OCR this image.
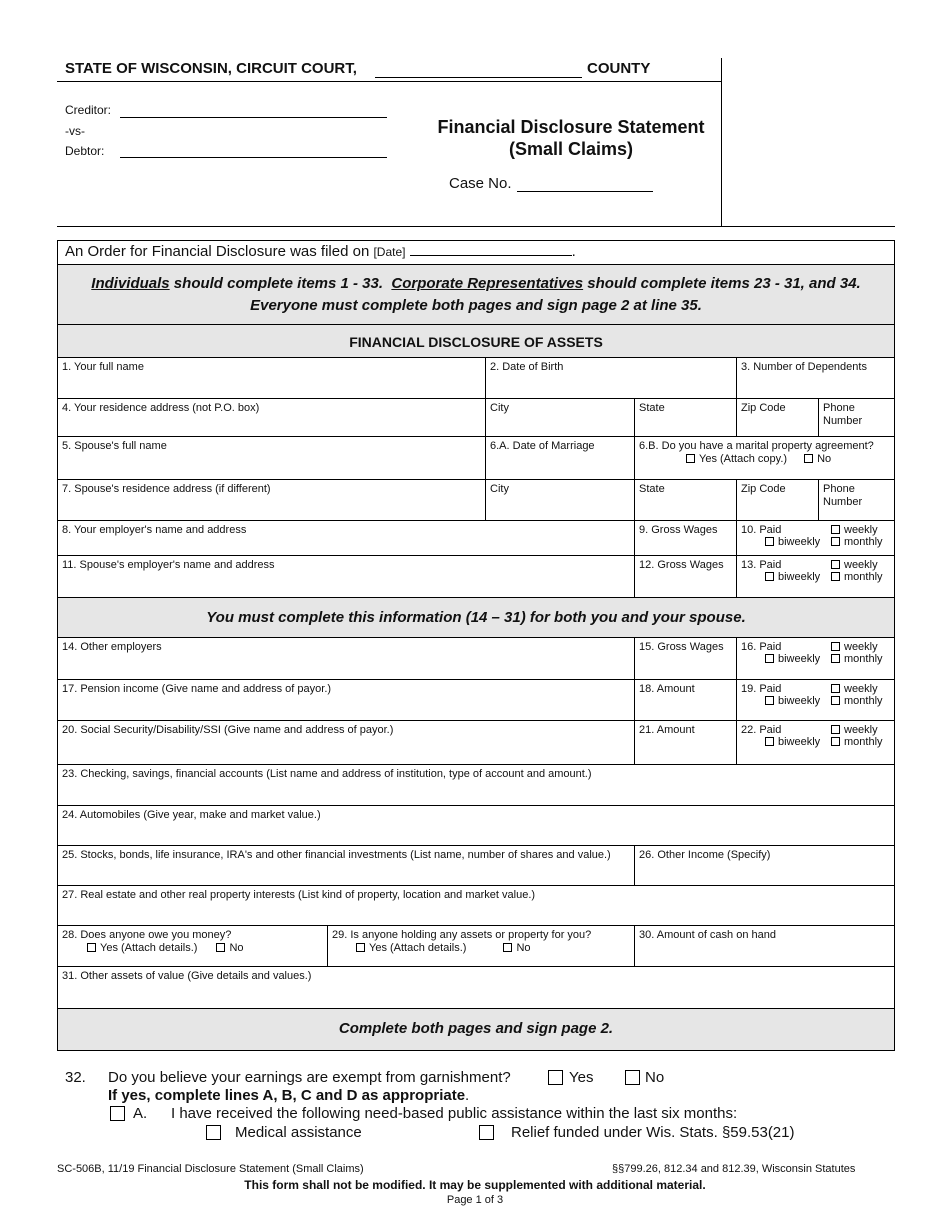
STATE OF WISCONSIN, CIRCUIT COURT,	COUNTY
Creditor:
-vs-
Debtor:
Financial Disclosure Statement
(Small Claims)
Case No.
An Order for Financial Disclosure was filed on [Date]	.
Individuals should complete items 1 - 33.  Corporate Representatives should complete items 23 - 31, and 34.
Everyone must complete both pages and sign page 2 at line 35.
FINANCIAL DISCLOSURE OF ASSETS
1. Your full name	2. Date of Birth	3. Number of Dependents
4. Your residence address (not P.O. box)	City	State	Zip Code	Phone Number
5. Spouse's full name	6.A. Date of Marriage	6.B. Do you have a marital property agreement?
Yes (Attach copy.)	No
7. Spouse's residence address (if different)	City	State	Zip Code	Phone Number
8. Your employer's name and address	9. Gross Wages	10. Paid	weekly
biweekly	monthly
11. Spouse's employer's name and address	12. Gross Wages	13. Paid	weekly
biweekly	monthly
You must complete this information (14 – 31) for both you and your spouse.
14. Other employers	15. Gross Wages	16. Paid	weekly
biweekly	monthly
17. Pension income (Give name and address of payor.)	18. Amount	19. Paid	weekly
biweekly	monthly
20. Social Security/Disability/SSI (Give name and address of payor.)	21. Amount	22. Paid	weekly
biweekly	monthly
23. Checking, savings, financial accounts (List name and address of institution, type of account and amount.)
24. Automobiles (Give year, make and market value.)
25. Stocks, bonds, life insurance, IRA's and other financial investments (List name, number of shares and value.)	26. Other Income (Specify)
27. Real estate and other real property interests (List kind of property, location and market value.)
28. Does anyone owe you money?
Yes (Attach details.)	No
29. Is anyone holding any assets or property for you?
Yes (Attach details.)	No
30. Amount of cash on hand
31. Other assets of value (Give details and values.)
Complete both pages and sign page 2.
32. Do you believe your earnings are exempt from garnishment?	Yes	No
If yes, complete lines A, B, C and D as appropriate.
A. I have received the following need-based public assistance within the last six months:
Medical assistance	Relief funded under Wis. Stats. §59.53(21)
SC-506B, 11/19 Financial Disclosure Statement (Small Claims)	§§799.26, 812.34 and 812.39, Wisconsin Statutes
This form shall not be modified. It may be supplemented with additional material.
Page 1 of 3
